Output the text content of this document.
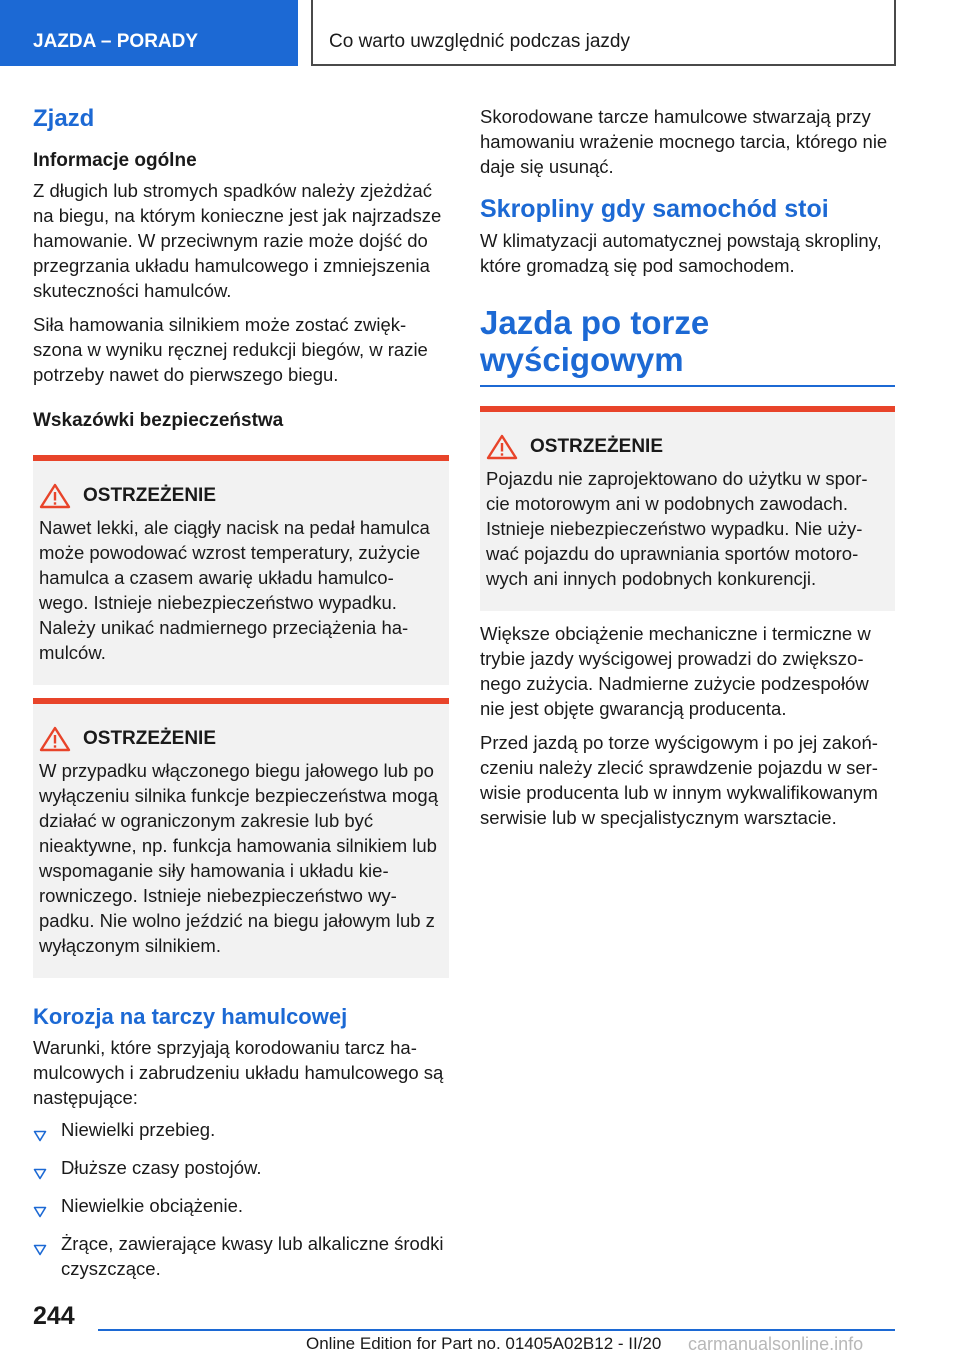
JAZDA – PORADY	Co warto uwzględnić podczas jazdy
Zjazd
Informacje ogólne

Z długich lub stromych spadków należy zjeżdżać na biegu, na którym konieczne jest jak najrzadsze hamowanie. W przeciwnym razie może dojść do przegrzania układu hamulcowego i zmniejszenia skuteczności hamulców.

Siła hamowania silnikiem może zostać zwięk- szona w wyniku ręcznej redukcji biegów, w razie potrzeby nawet do pierwszego biegu.

Wskazówki bezpieczeństwa
OSTRZEŻENIE

Nawet lekki, ale ciągły nacisk na pedał hamulca może powodować wzrost temperatury, zużycie hamulca a czasem awarię układu hamulco- wego. Istnieje niebezpieczeństwo wypadku. Należy unikać nadmiernego przeciążenia ha- mulców.

OSTRZEŻENIE

W przypadku włączonego biegu jałowego lub po wyłączeniu silnika funkcje bezpieczeństwa mogą działać w ograniczonym zakresie lub być nieaktywne, np. funkcja hamowania silnikiem lub wspomaganie siły hamowania i układu kie- rowniczego. Istnieje niebezpieczeństwo wy- padku. Nie wolno jeździć na biegu jałowym lub z wyłączonym silnikiem.

Korozja na tarczy hamulcowej

Warunki, które sprzyjają korodowaniu tarcz ha- mulcowych i zabrudzeniu układu hamulcowego są następujące:

Niewielki przebieg.
Dłuższe czasy postojów.
Niewielkie obciążenie.
Żrące, zawierające kwasy lub alkaliczne środki czyszczące.

Skorodowane tarcze hamulcowe stwarzają przy hamowaniu wrażenie mocnego tarcia, którego nie daje się usunąć.

Skropliny gdy samochód stoi

W klimatyzacji automatycznej powstają skropliny, które gromadzą się pod samochodem.

Jazda po torze wyścigowym
OSTRZEŻENIE

Pojazdu nie zaprojektowano do użytku w spor- cie motorowym ani w podobnych zawodach. Istnieje niebezpieczeństwo wypadku. Nie uży- wać pojazdu do uprawniania sportów motoro- wych ani innych podobnych konkurencji.

Większe obciążenie mechaniczne i termiczne w trybie jazdy wyścigowej prowadzi do zwiększo- nego zużycia. Nadmierne zużycie podzespołów nie jest objęte gwarancją producenta.

Przed jazdą po torze wyścigowym i po jej zakoń- czeniu należy zlecić sprawdzenie pojazdu w ser- wisie producenta lub w innym wykwalifikowanym serwisie lub w specjalistycznym warsztacie.

244
Online Edition for Part no. 01405A02B12 - II/20 carmanualsonline.info
